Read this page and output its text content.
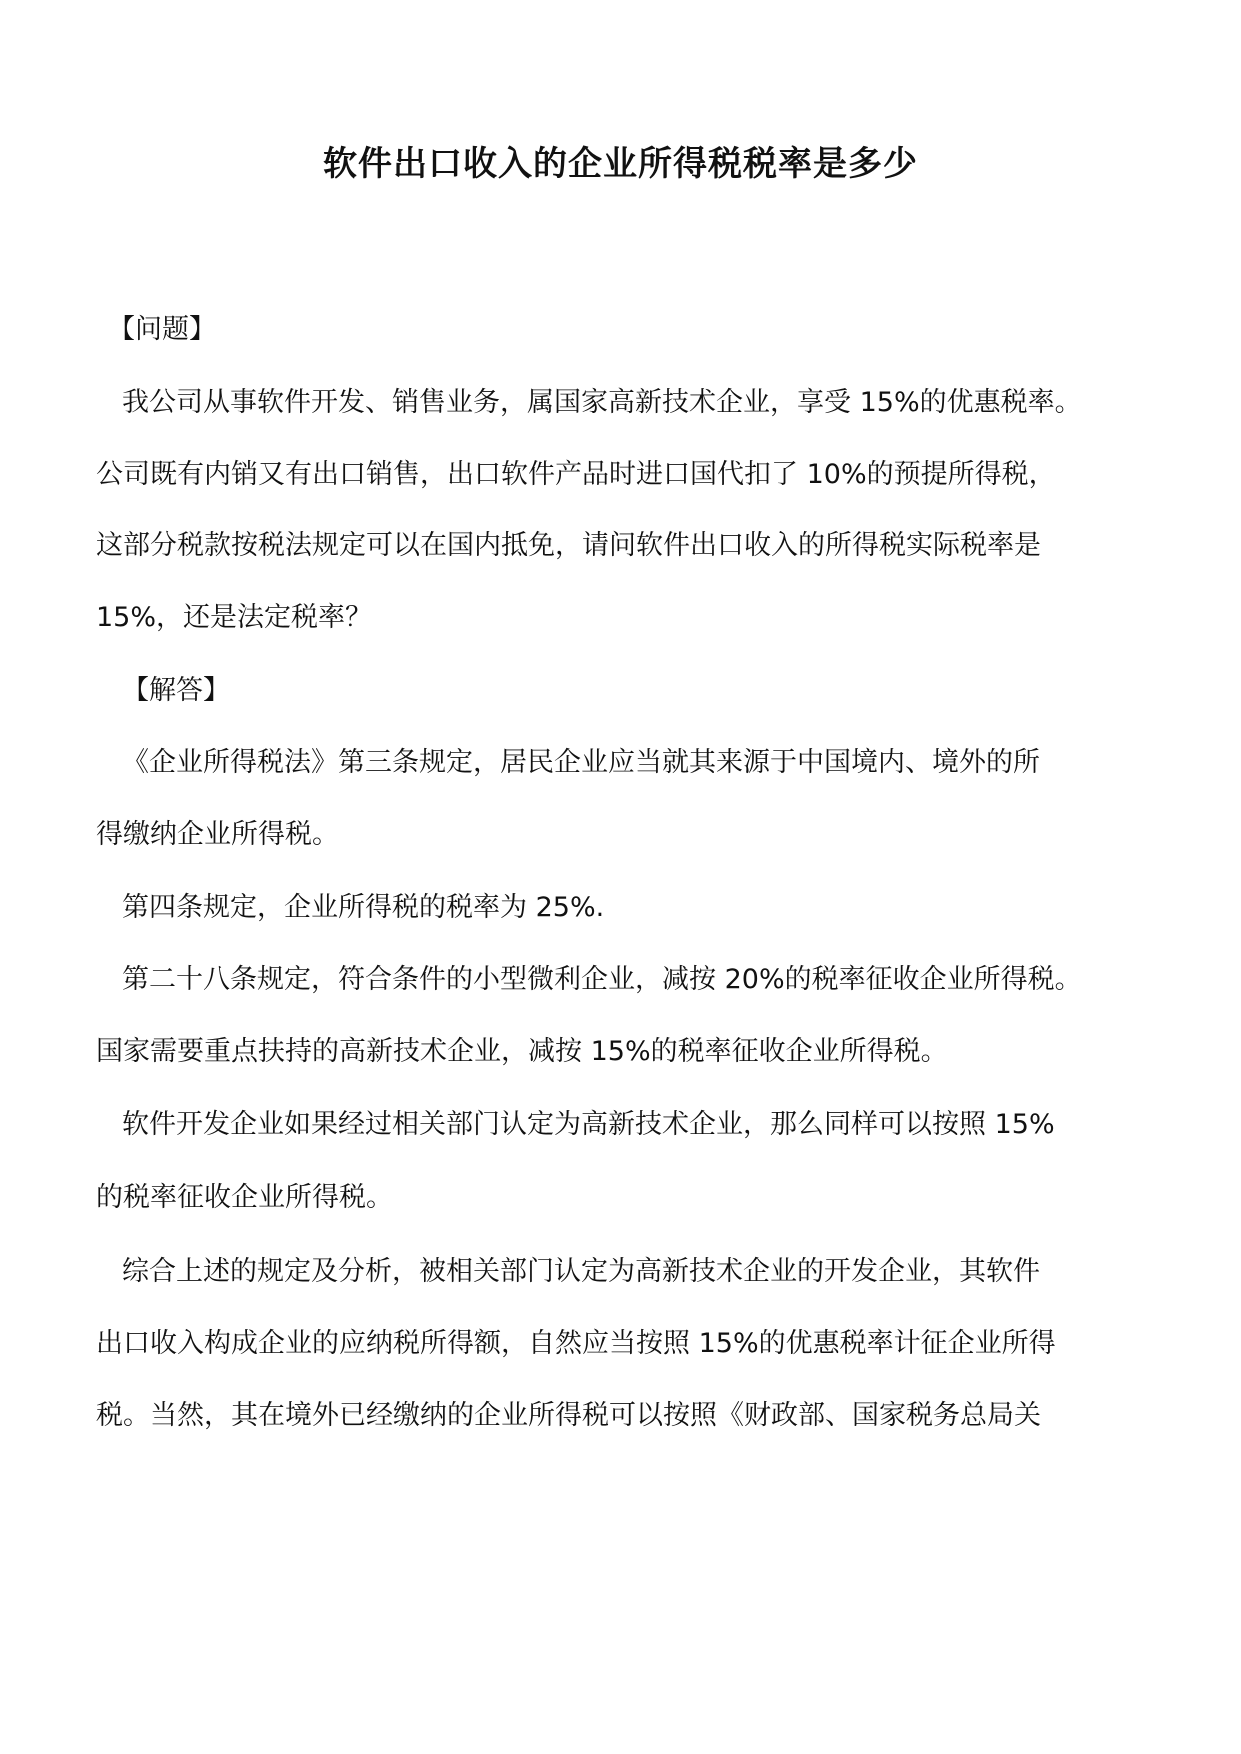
软件出口收入的企业所得税税率是多少
【问题】
我公司从事软件开发、销售业务，属国家高新技术企业，享受 15%的优惠税率。
公司既有内销又有出口销售，出口软件产品时进口国代扣了 10%的预提所得税，
这部分税款按税法规定可以在国内抵免，请问软件出口收入的所得税实际税率是
15%，还是法定税率？
【解答】
《企业所得税法》第三条规定，居民企业应当就其来源于中国境内、境外的所
得缴纳企业所得税。
第四条规定，企业所得税的税率为 25%.
第二十八条规定，符合条件的小型微利企业，减按 20%的税率征收企业所得税。
国家需要重点扶持的高新技术企业，减按 15%的税率征收企业所得税。
软件开发企业如果经过相关部门认定为高新技术企业，那么同样可以按照 15%
的税率征收企业所得税。
综合上述的规定及分析，被相关部门认定为高新技术企业的开发企业，其软件
出口收入构成企业的应纳税所得额，自然应当按照 15%的优惠税率计征企业所得
税。当然，其在境外已经缴纳的企业所得税可以按照《财政部、国家税务总局关
